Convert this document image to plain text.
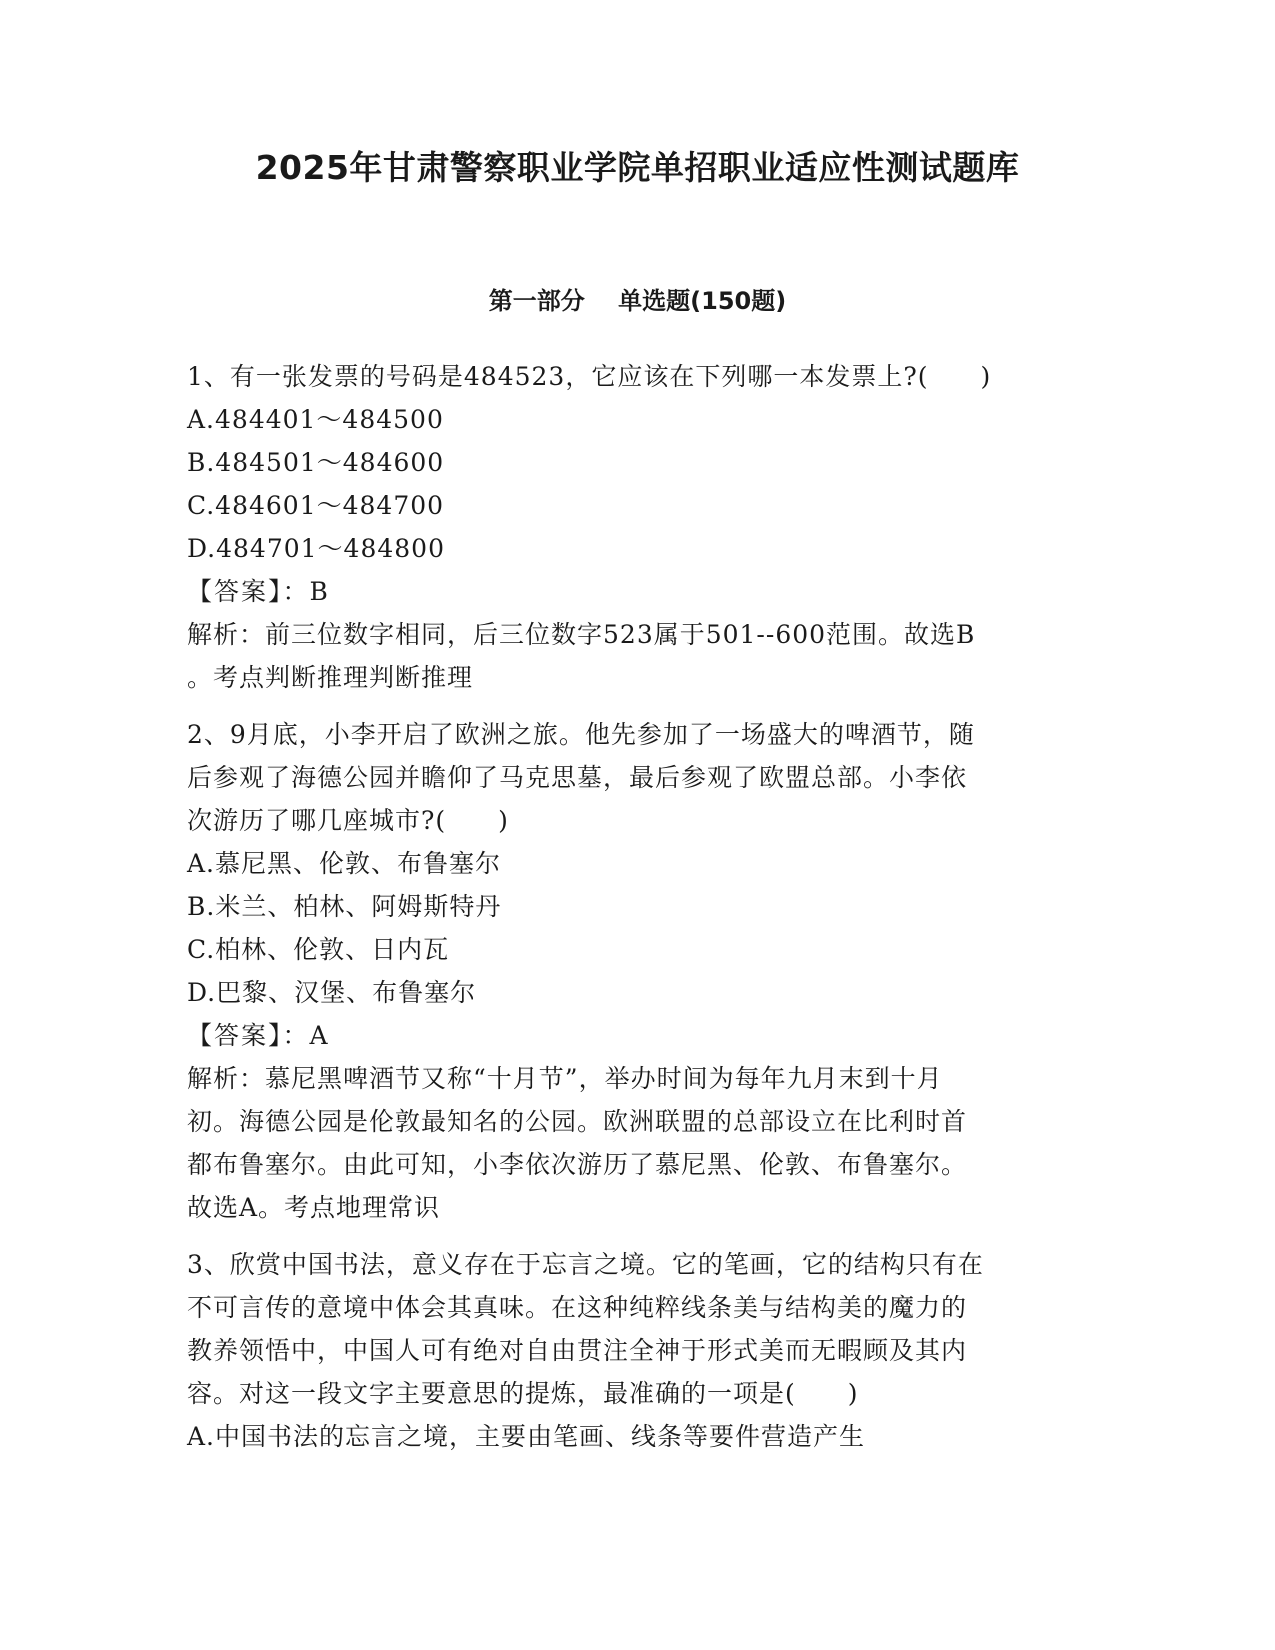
2025年甘肃警察职业学院单招职业适应性测试题库
第一部分    单选题(150题)
1、有一张发票的号码是484523，它应该在下列哪一本发票上?(　　)
A.484401～484500
B.484501～484600
C.484601～484700
D.484701～484800
【答案】：B
解析：前三位数字相同，后三位数字523属于501--600范围。故选B
。考点判断推理判断推理
2、9月底，小李开启了欧洲之旅。他先参加了一场盛大的啤酒节，随
后参观了海德公园并瞻仰了马克思墓，最后参观了欧盟总部。小李依
次游历了哪几座城市?(　　)
A.慕尼黑、伦敦、布鲁塞尔
B.米兰、柏林、阿姆斯特丹
C.柏林、伦敦、日内瓦
D.巴黎、汉堡、布鲁塞尔
【答案】：A
解析：慕尼黑啤酒节又称“十月节”，举办时间为每年九月末到十月
初。海德公园是伦敦最知名的公园。欧洲联盟的总部设立在比利时首
都布鲁塞尔。由此可知，小李依次游历了慕尼黑、伦敦、布鲁塞尔。
故选A。考点地理常识
3、欣赏中国书法，意义存在于忘言之境。它的笔画，它的结构只有在
不可言传的意境中体会其真味。在这种纯粹线条美与结构美的魔力的
教养领悟中，中国人可有绝对自由贯注全神于形式美而无暇顾及其内
容。对这一段文字主要意思的提炼，最准确的一项是(　　)
A.中国书法的忘言之境，主要由笔画、线条等要件营造产生
